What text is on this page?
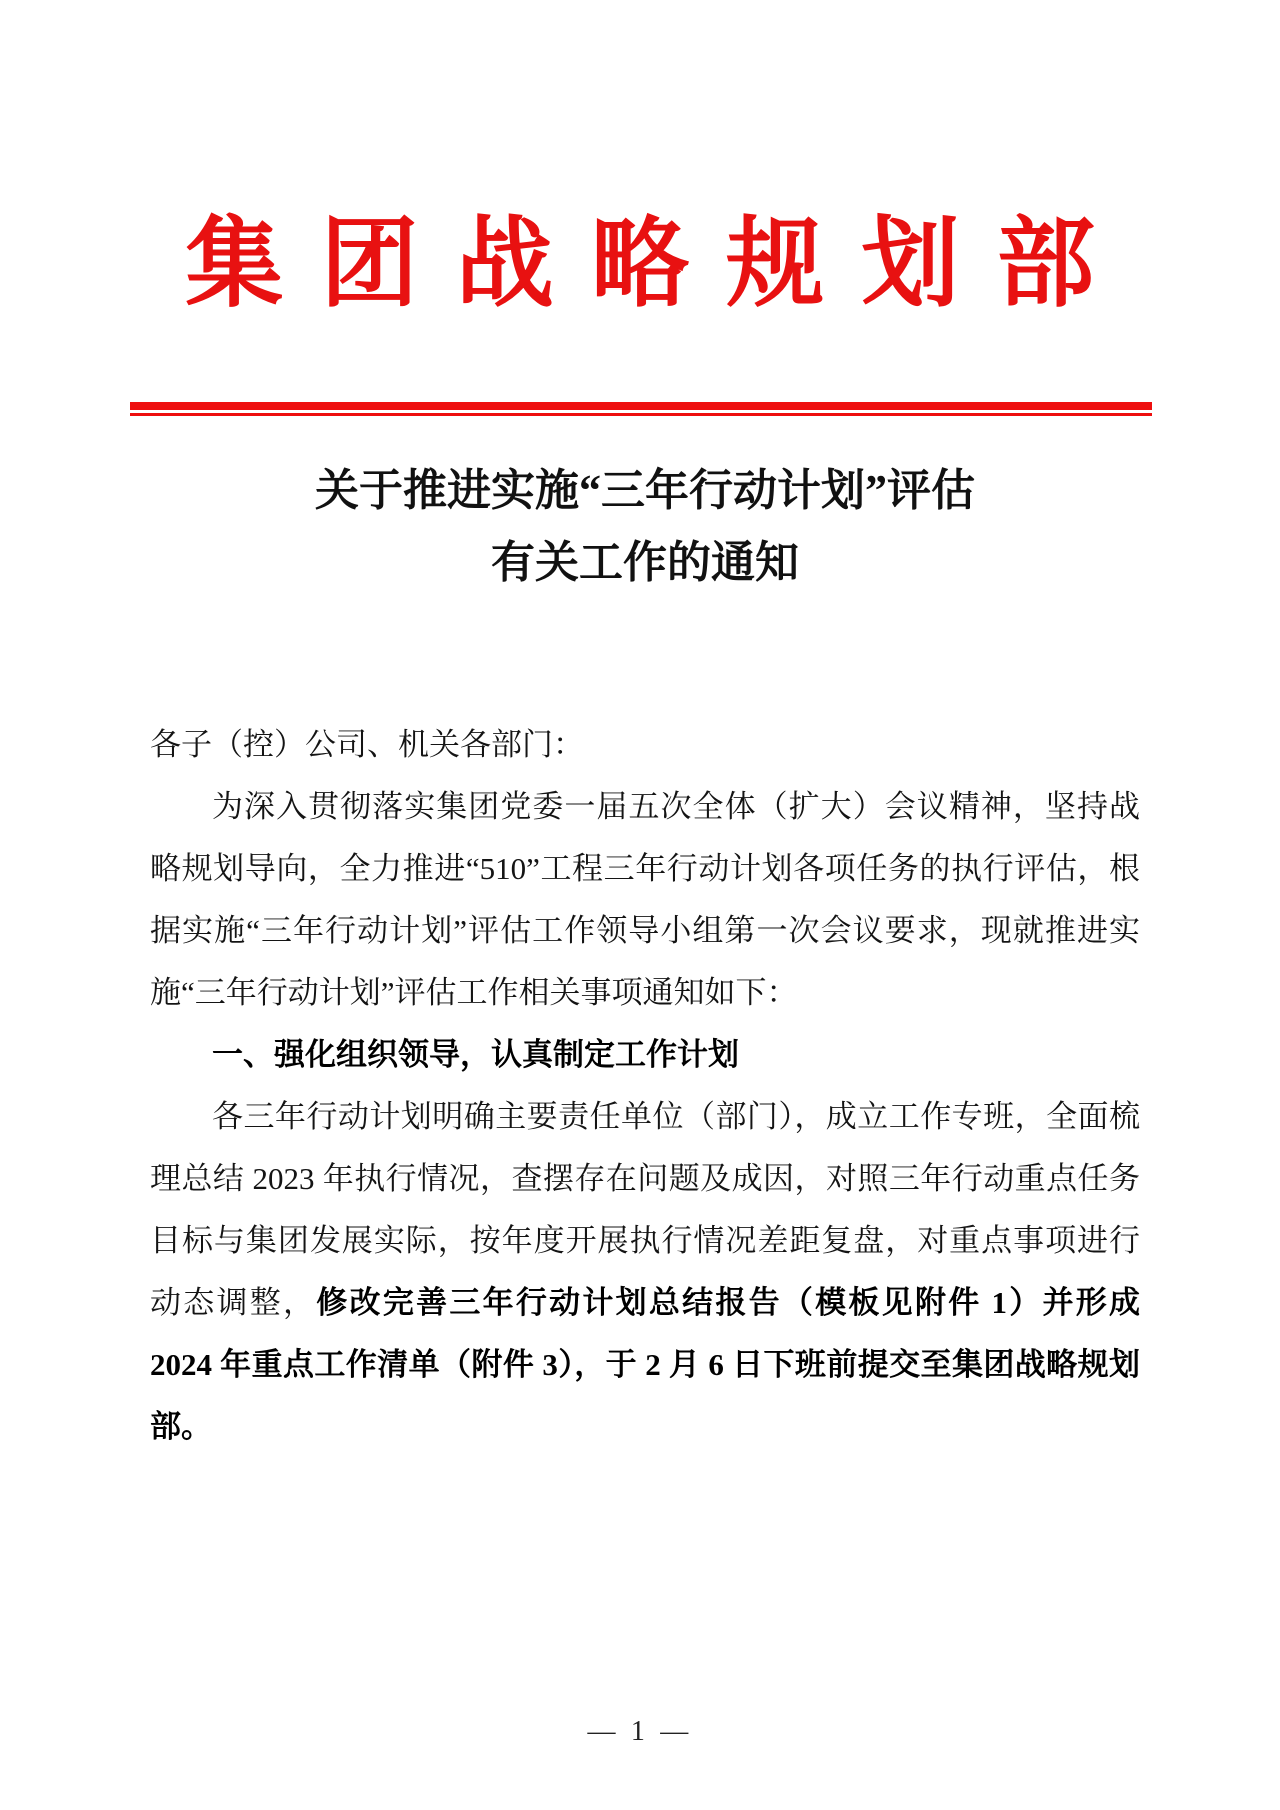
集团战略规划部
关于推进实施“三年行动计划”评估
有关工作的通知

各子（控）公司、机关各部门：

为深入贯彻落实集团党委一届五次全体（扩大）会议精神，坚持战略规划导向，全力推进“510”工程三年行动计划各项任务的执行评估，根据实施“三年行动计划”评估工作领导小组第一次会议要求，现就推进实施“三年行动计划”评估工作相关事项通知如下：

一、强化组织领导，认真制定工作计划

各三年行动计划明确主要责任单位（部门），成立工作专班，全面梳理总结 2023 年执行情况，查摆存在问题及成因，对照三年行动重点任务目标与集团发展实际，按年度开展执行情况差距复盘，对重点事项进行动态调整，修改完善三年行动计划总结报告（模板见附件 1）并形成 2024 年重点工作清单（附件 3），于 2 月 6 日下班前提交至集团战略规划部。

— 1 —
